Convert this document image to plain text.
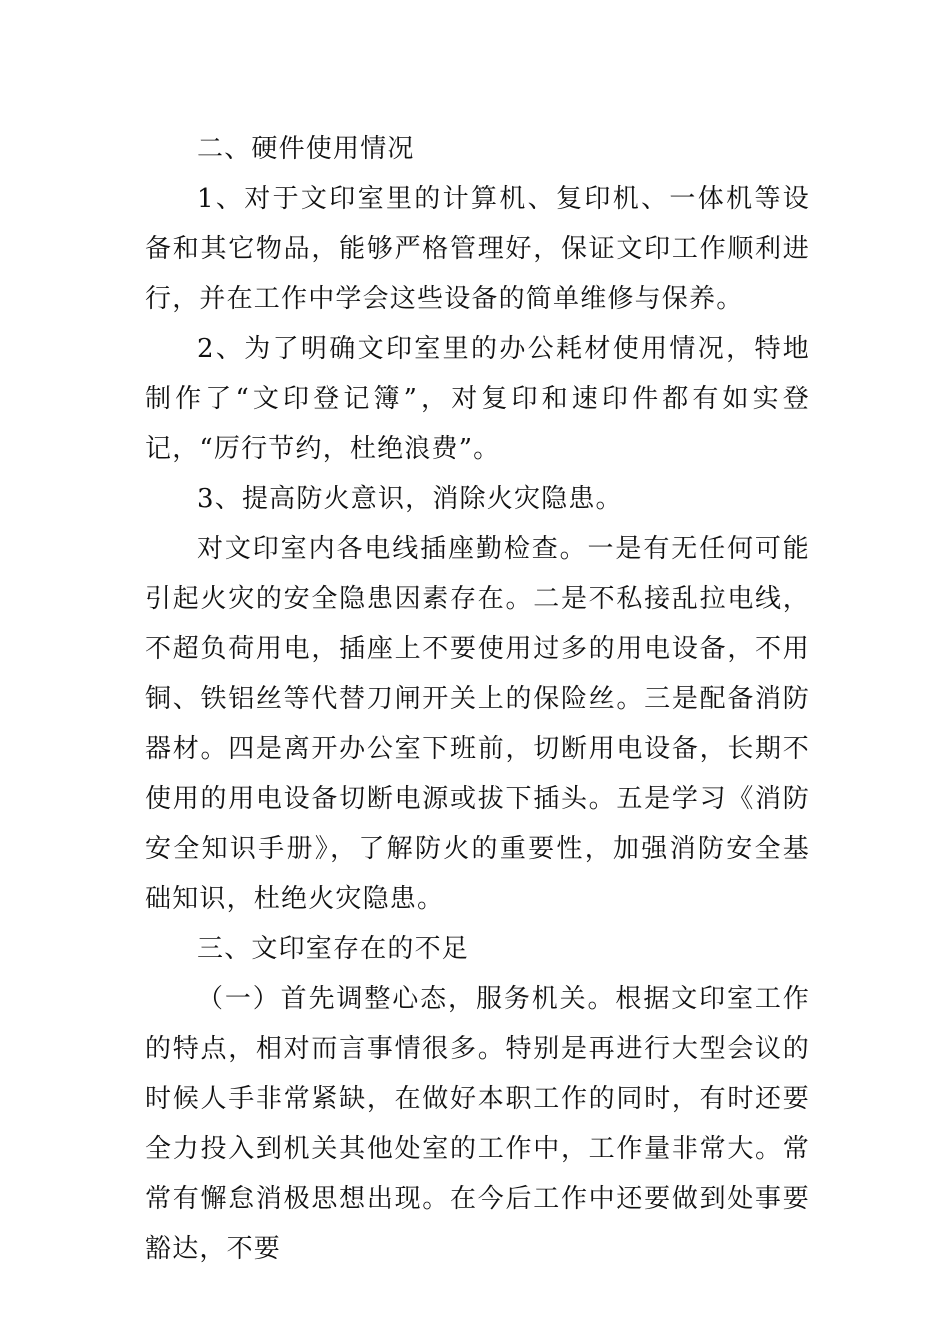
二、硬件使用情况

1、对于文印室里的计算机、复印机、一体机等设备和其它物品，能够严格管理好，保证文印工作顺利进行，并在工作中学会这些设备的简单维修与保养。

2、为了明确文印室里的办公耗材使用情况，特地制作了“文印登记簿”，对复印和速印件都有如实登记，“厉行节约，杜绝浪费”。

3、提高防火意识，消除火灾隐患。

对文印室内各电线插座勤检查。一是有无任何可能引起火灾的安全隐患因素存在。二是不私接乱拉电线，不超负荷用电，插座上不要使用过多的用电设备，不用铜、铁铝丝等代替刀闸开关上的保险丝。三是配备消防器材。四是离开办公室下班前，切断用电设备，长期不使用的用电设备切断电源或拔下插头。五是学习《消防安全知识手册》，了解防火的重要性，加强消防安全基础知识，杜绝火灾隐患。

三、文印室存在的不足

（一）首先调整心态，服务机关。根据文印室工作的特点，相对而言事情很多。特别是再进行大型会议的时候人手非常紧缺，在做好本职工作的同时，有时还要全力投入到机关其他处室的工作中，工作量非常大。常常有懈怠消极思想出现。在今后工作中还要做到处事要豁达，不要
